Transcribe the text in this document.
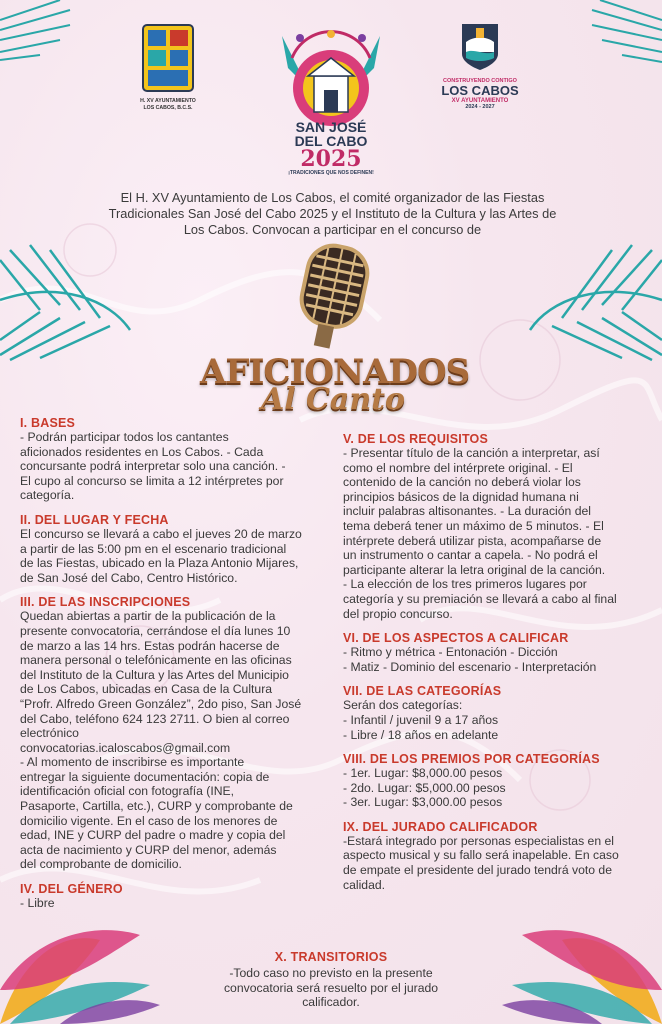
H. XV AYUNTAMIENTO
LOS CABOS, B.C.S.
SAN JOSÉ
DEL CABO
2025
¡TRADICIONES QUE NOS DEFINEN!
CONSTRUYENDO CONTIGO
LOS CABOS
XV AYUNTAMIENTO
2024 - 2027
El H. XV Ayuntamiento de Los Cabos, el comité organizador de las Fiestas
Tradicionales San José del Cabo 2025 y el Instituto de la Cultura y las Artes de
Los Cabos. Convocan a participar en el concurso de
AFICIONADOS
Al Canto
I. BASES
- Podrán participar todos los cantantes
aficionados residentes en Los Cabos. - Cada
concursante podrá interpretar solo una canción. -
El cupo al concurso se limita a 12 intérpretes por
categoría.
II. DEL LUGAR Y FECHA
El concurso se llevará a cabo el jueves 20 de marzo
a partir de las 5:00 pm en el escenario tradicional
de las Fiestas, ubicado en la Plaza Antonio Mijares,
de San José del Cabo, Centro Histórico.
III. DE LAS INSCRIPCIONES
Quedan abiertas a partir de la publicación de la
presente convocatoria, cerrándose el día lunes 10
de marzo a las 14 hrs. Estas podrán hacerse de
manera personal o telefónicamente en las oficinas
del Instituto de la Cultura y las Artes del Municipio
de Los Cabos, ubicadas en Casa de la Cultura
“Profr. Alfredo Green González”, 2do piso, San José
del Cabo, teléfono 624 123 2711. O bien al correo
electrónico
convocatorias.icaloscabos@gmail.com
- Al momento de inscribirse es importante
entregar la siguiente documentación: copia de
identificación oficial con fotografía (INE,
Pasaporte, Cartilla, etc.), CURP y comprobante de
domicilio vigente. En el caso de los menores de
edad, INE y CURP del padre o madre y copia del
acta de nacimiento y CURP del menor, además
del comprobante de domicilio.
IV. DEL GÉNERO
- Libre
V. DE LOS REQUISITOS
- Presentar título de la canción a interpretar, así
como el nombre del intérprete original. - El
contenido de la canción no deberá violar los
principios básicos de la dignidad humana ni
incluir palabras altisonantes. - La duración del
tema deberá tener un máximo de 5 minutos. - El
intérprete deberá utilizar pista, acompañarse de
un instrumento o cantar a capela. - No podrá el
participante alterar la letra original de la canción.
- La elección de los tres primeros lugares por
categoría y su premiación se llevará a cabo al final
del propio concurso.
VI. DE LOS ASPECTOS A CALIFICAR
- Ritmo y métrica - Entonación - Dicción
- Matiz - Dominio del escenario - Interpretación
VII. DE LAS CATEGORÍAS
Serán dos categorías:
- Infantil / juvenil 9 a 17 años
- Libre / 18 años en adelante
VIII. DE LOS PREMIOS POR CATEGORÍAS
- 1er. Lugar: $8,000.00 pesos
- 2do. Lugar: $5,000.00 pesos
- 3er. Lugar: $3,000.00 pesos
IX. DEL JURADO CALIFICADOR
-Estará integrado por personas especialistas en el
aspecto musical y su fallo será inapelable. En caso
de empate el presidente del jurado tendrá voto de
calidad.
X. TRANSITORIOS
-Todo caso no previsto en la presente
convocatoria será resuelto por el jurado
calificador.
